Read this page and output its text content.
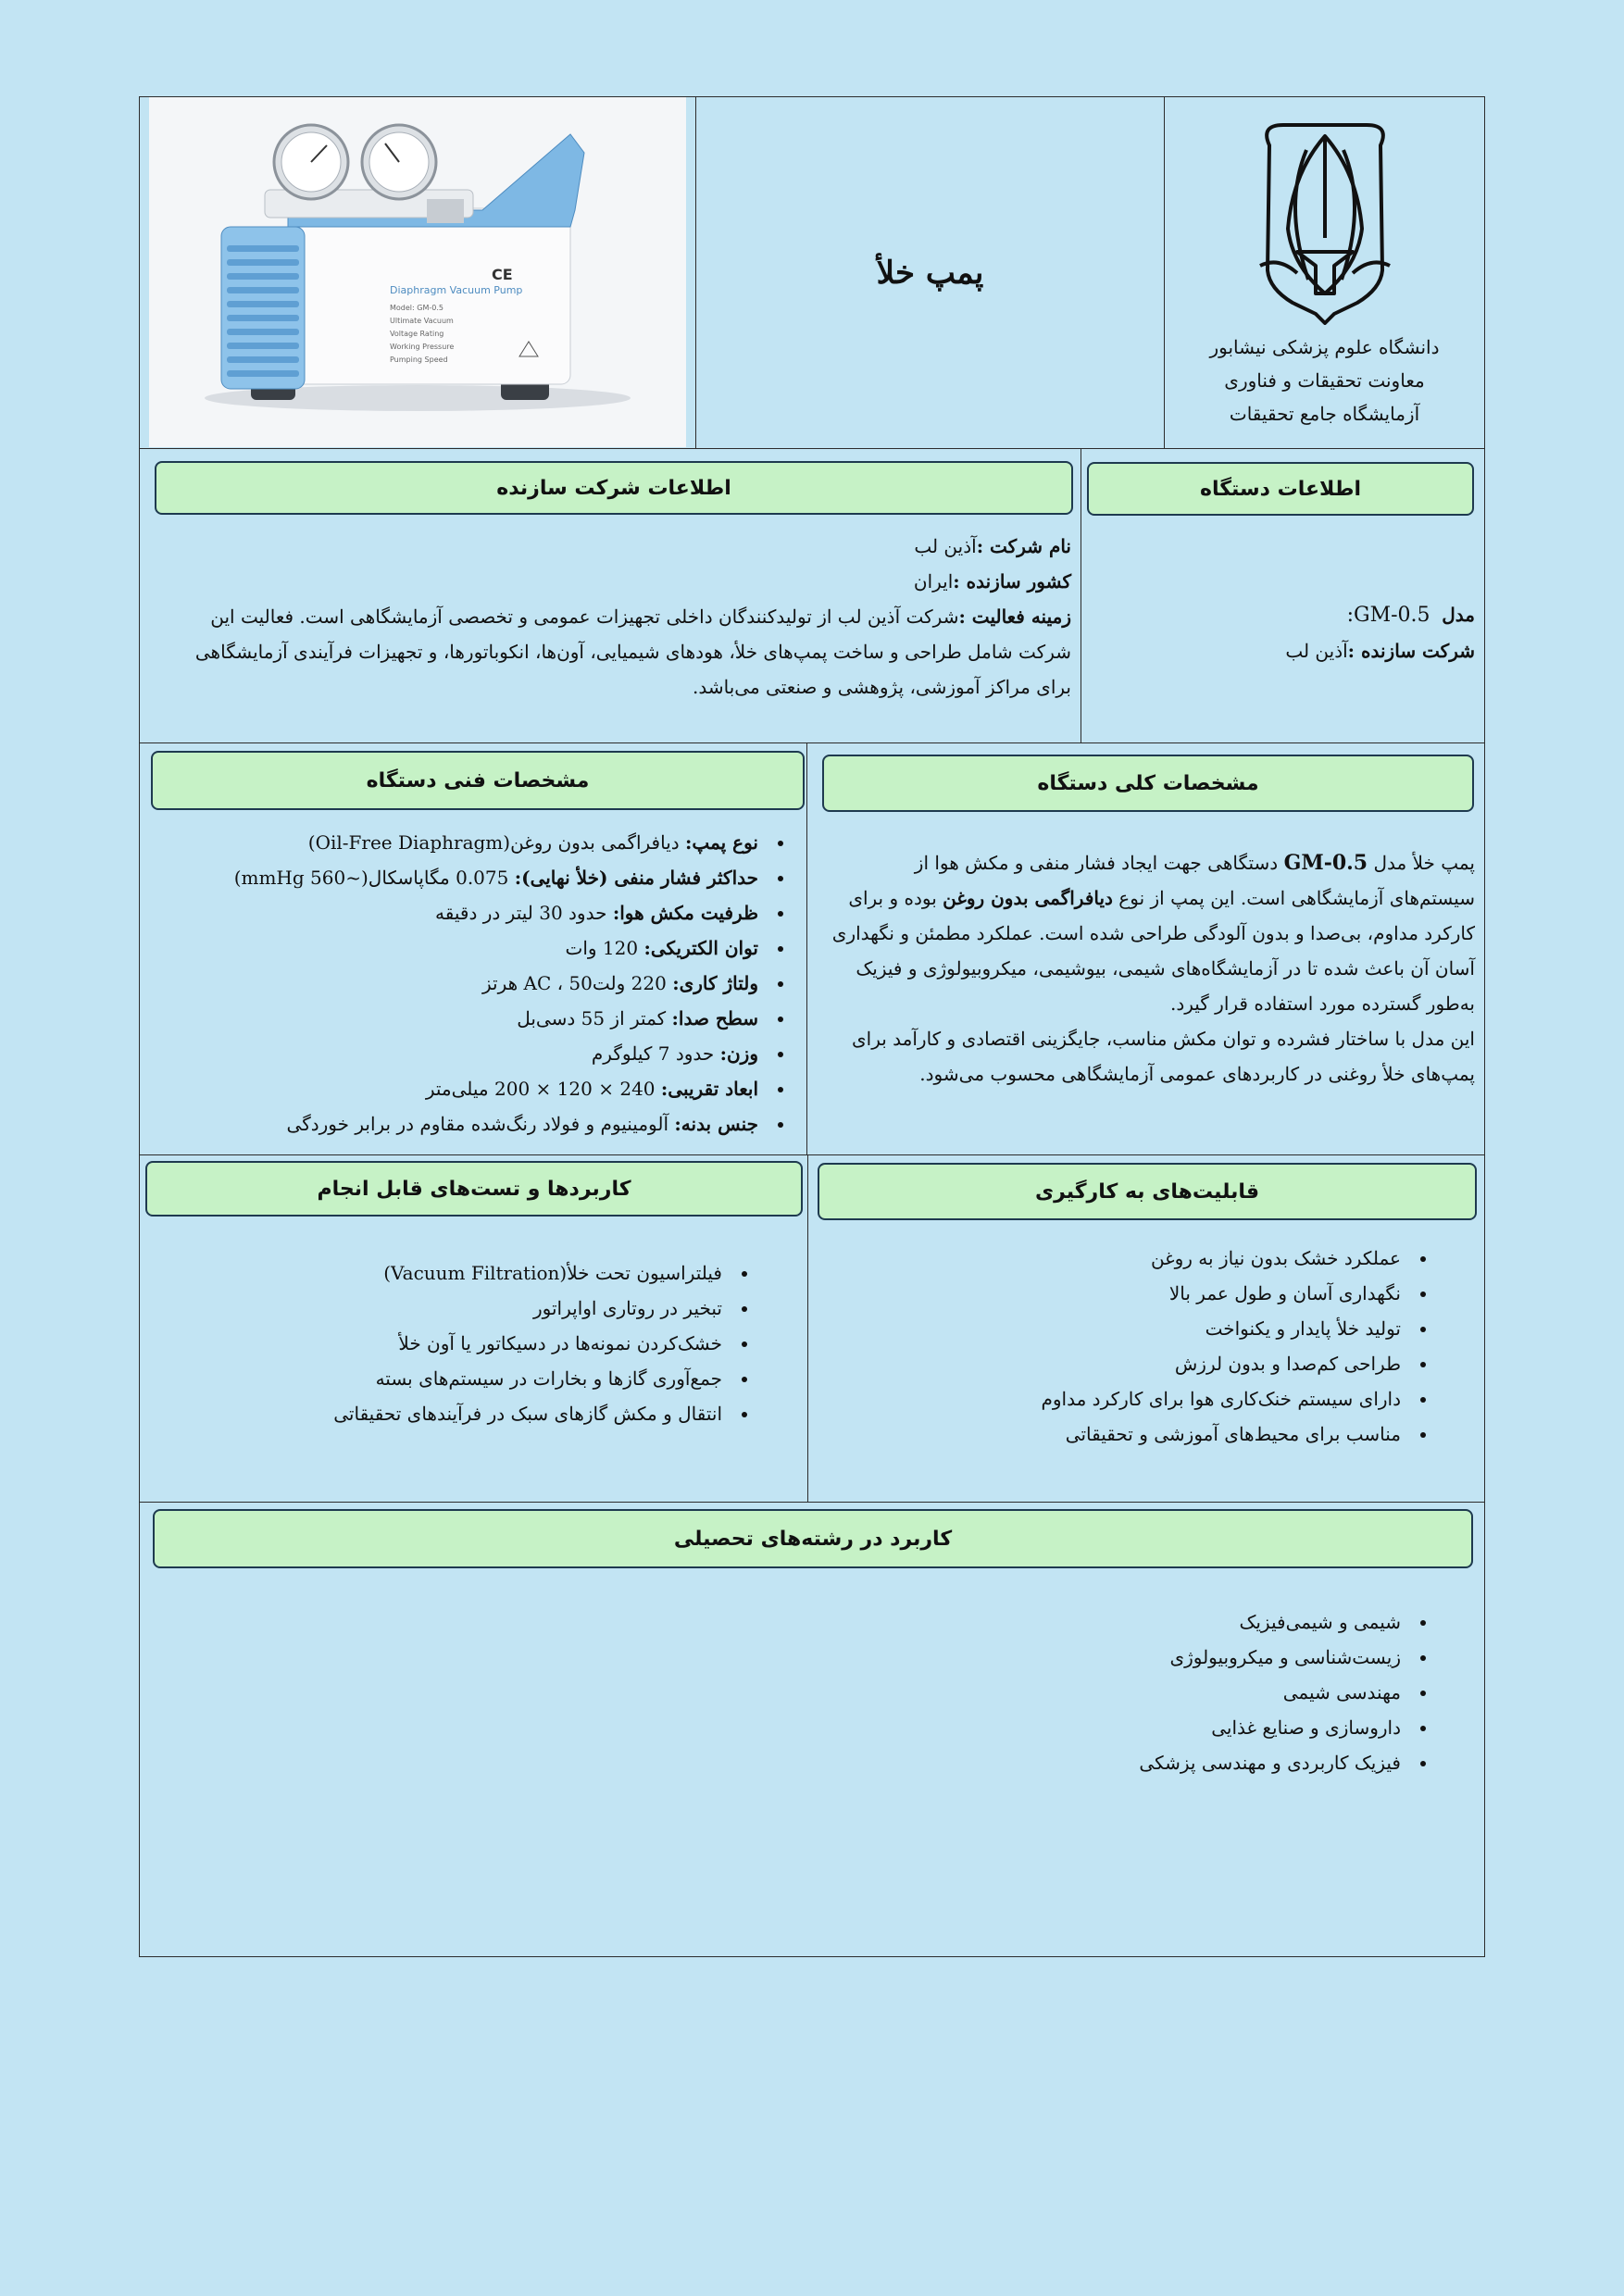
Diaphragm Vacuum Pump
CE
Model: GM-0.5
Ultimate Vacuum
Voltage Rating
Working Pressure
Pumping Speed
پمپ خلأ
دانشگاه علوم پزشکی نیشابور
معاونت تحقیقات و فناوری
آزمایشگاه جامع تحقیقات
اطلاعات شرکت سازنده
نام شرکت :آذین لب
کشور سازنده :ایران
زمینه فعالیت :شرکت آذین لب از تولیدکنندگان داخلی تجهیزات عمومی و تخصصی آزمایشگاهی است. فعالیت این شرکت شامل طراحی و ساخت پمپ‌های خلأ، هودهای شیمیایی، آون‌ها، انکوباتورها، و تجهیزات فرآیندی آزمایشگاهی برای مراکز آموزشی، پژوهشی و صنعتی می‌باشد.
اطلاعات دستگاه
مدل  GM-0.5:
شرکت سازنده :آذین لب
مشخصات فنی دستگاه
• نوع پمپ: دیافراگمی بدون روغن(Oil-Free Diaphragm)
• حداکثر فشار منفی (خلأ نهایی): 0.075 مگاپاسکال(~560 mmHg)
• ظرفیت مکش هوا: حدود 30 لیتر در دقیقه
• توان الکتریکی: 120 وات
• ولتاژ کاری: 220 ولتAC ، 50 هرتز
• سطح صدا: کمتر از 55 دسی‌بل
• وزن: حدود 7 کیلوگرم
• ابعاد تقریبی: 240 × 120 × 200 میلی‌متر
• جنس بدنه: آلومینیوم و فولاد رنگ‌شده مقاوم در برابر خوردگی
مشخصات کلی دستگاه
پمپ خلأ مدل GM-0.5 دستگاهی جهت ایجاد فشار منفی و مکش هوا از سیستم‌های آزمایشگاهی است. این پمپ از نوع دیافراگمی بدون روغن بوده و برای کارکرد مداوم، بی‌صدا و بدون آلودگی طراحی شده است. عملکرد مطمئن و نگهداری آسان آن باعث شده تا در آزمایشگاه‌های شیمی، بیوشیمی، میکروبیولوژی و فیزیک به‌طور گسترده مورد استفاده قرار گیرد.
این مدل با ساختار فشرده و توان مکش مناسب، جایگزینی اقتصادی و کارآمد برای پمپ‌های خلأ روغنی در کاربردهای عمومی آزمایشگاهی محسوب می‌شود.
کاربردها و تست‌های قابل انجام
• فیلتراسیون تحت خلأ(Vacuum Filtration)
• تبخیر در روتاری اواپراتور
• خشک‌کردن نمونه‌ها در دسیکاتور یا آون خلأ
• جمع‌آوری گازها و بخارات در سیستم‌های بسته
• انتقال و مکش گازهای سبک در فرآیندهای تحقیقاتی
قابلیت‌های به کارگیری
• عملکرد خشک بدون نیاز به روغن
• نگهداری آسان و طول عمر بالا
• تولید خلأ پایدار و یکنواخت
• طراحی کم‌صدا و بدون لرزش
• دارای سیستم خنک‌کاری هوا برای کارکرد مداوم
• مناسب برای محیط‌های آموزشی و تحقیقاتی
کاربرد در رشته‌های تحصیلی
• شیمی و شیمی‌فیزیک
• زیست‌شناسی و میکروبیولوژی
• مهندسی شیمی
• داروسازی و صنایع غذایی
• فیزیک کاربردی و مهندسی پزشکی
